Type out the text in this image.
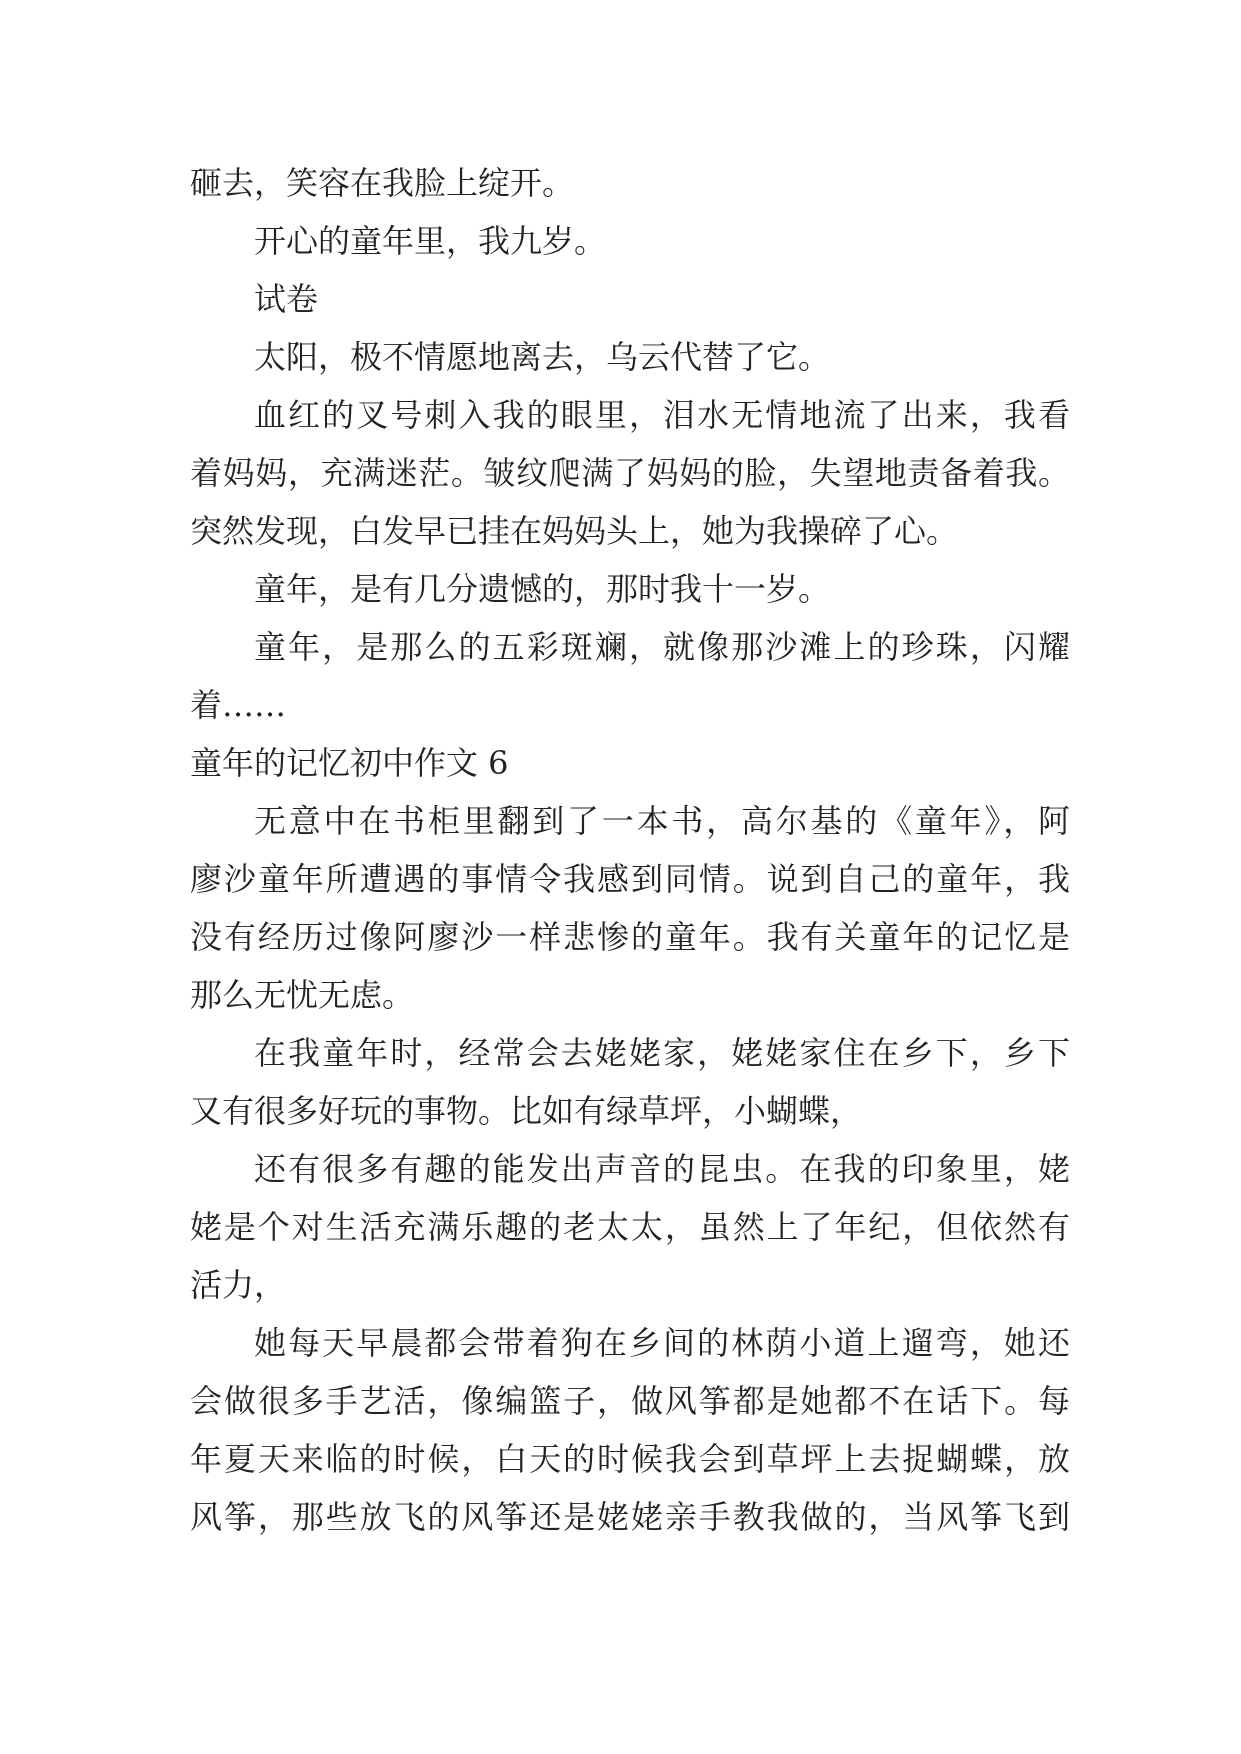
砸去，笑容在我脸上绽开。
开心的童年里，我九岁。
试卷
太阳，极不情愿地离去，乌云代替了它。
血红的叉号刺入我的眼里，泪水无情地流了出来，我看
着妈妈，充满迷茫。皱纹爬满了妈妈的脸，失望地责备着我。
突然发现，白发早已挂在妈妈头上，她为我操碎了心。
童年，是有几分遗憾的，那时我十一岁。
童年，是那么的五彩斑斓，就像那沙滩上的珍珠，闪耀
着……
童年的记忆初中作文 6
无意中在书柜里翻到了一本书，高尔基的《童年》，阿
廖沙童年所遭遇的事情令我感到同情。说到自己的童年，我
没有经历过像阿廖沙一样悲惨的童年。我有关童年的记忆是
那么无忧无虑。
在我童年时，经常会去姥姥家，姥姥家住在乡下，乡下
又有很多好玩的事物。比如有绿草坪，小蝴蝶，
还有很多有趣的能发出声音的昆虫。在我的印象里，姥
姥是个对生活充满乐趣的老太太，虽然上了年纪，但依然有
活力，
她每天早晨都会带着狗在乡间的林荫小道上遛弯，她还
会做很多手艺活，像编篮子，做风筝都是她都不在话下。每
年夏天来临的时候，白天的时候我会到草坪上去捉蝴蝶，放
风筝，那些放飞的风筝还是姥姥亲手教我做的，当风筝飞到
